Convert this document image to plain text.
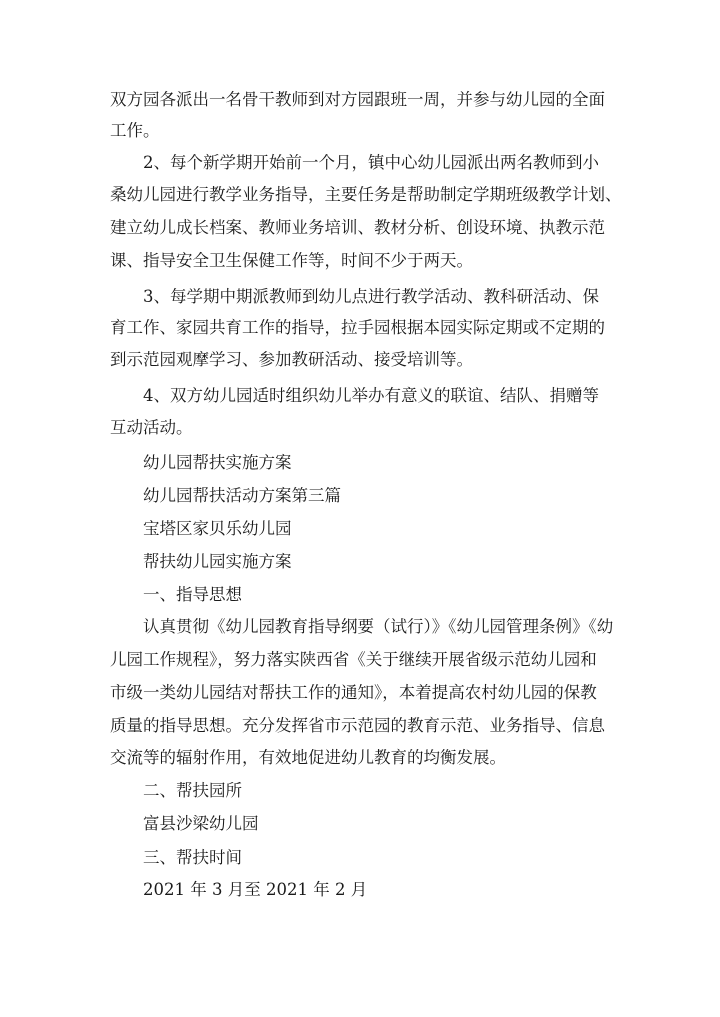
双方园各派出一名骨干教师到对方园跟班一周，并参与幼儿园的全面
工作。
2、每个新学期开始前一个月，镇中心幼儿园派出两名教师到小
桑幼儿园进行教学业务指导，主要任务是帮助制定学期班级教学计划、
建立幼儿成长档案、教师业务培训、教材分析、创设环境、执教示范
课、指导安全卫生保健工作等，时间不少于两天。
3、每学期中期派教师到幼儿点进行教学活动、教科研活动、保
育工作、家园共育工作的指导，拉手园根据本园实际定期或不定期的
到示范园观摩学习、参加教研活动、接受培训等。
4、双方幼儿园适时组织幼儿举办有意义的联谊、结队、捐赠等
互动活动。
幼儿园帮扶实施方案
幼儿园帮扶活动方案第三篇
宝塔区家贝乐幼儿园
帮扶幼儿园实施方案
一、指导思想
认真贯彻《幼儿园教育指导纲要（试行）》《幼儿园管理条例》《幼
儿园工作规程》，努力落实陕西省《关于继续开展省级示范幼儿园和
市级一类幼儿园结对帮扶工作的通知》，本着提高农村幼儿园的保教
质量的指导思想。充分发挥省市示范园的教育示范、业务指导、信息
交流等的辐射作用，有效地促进幼儿教育的均衡发展。
二、帮扶园所
富县沙梁幼儿园
三、帮扶时间
2021 年 3 月至 2021 年 2 月
